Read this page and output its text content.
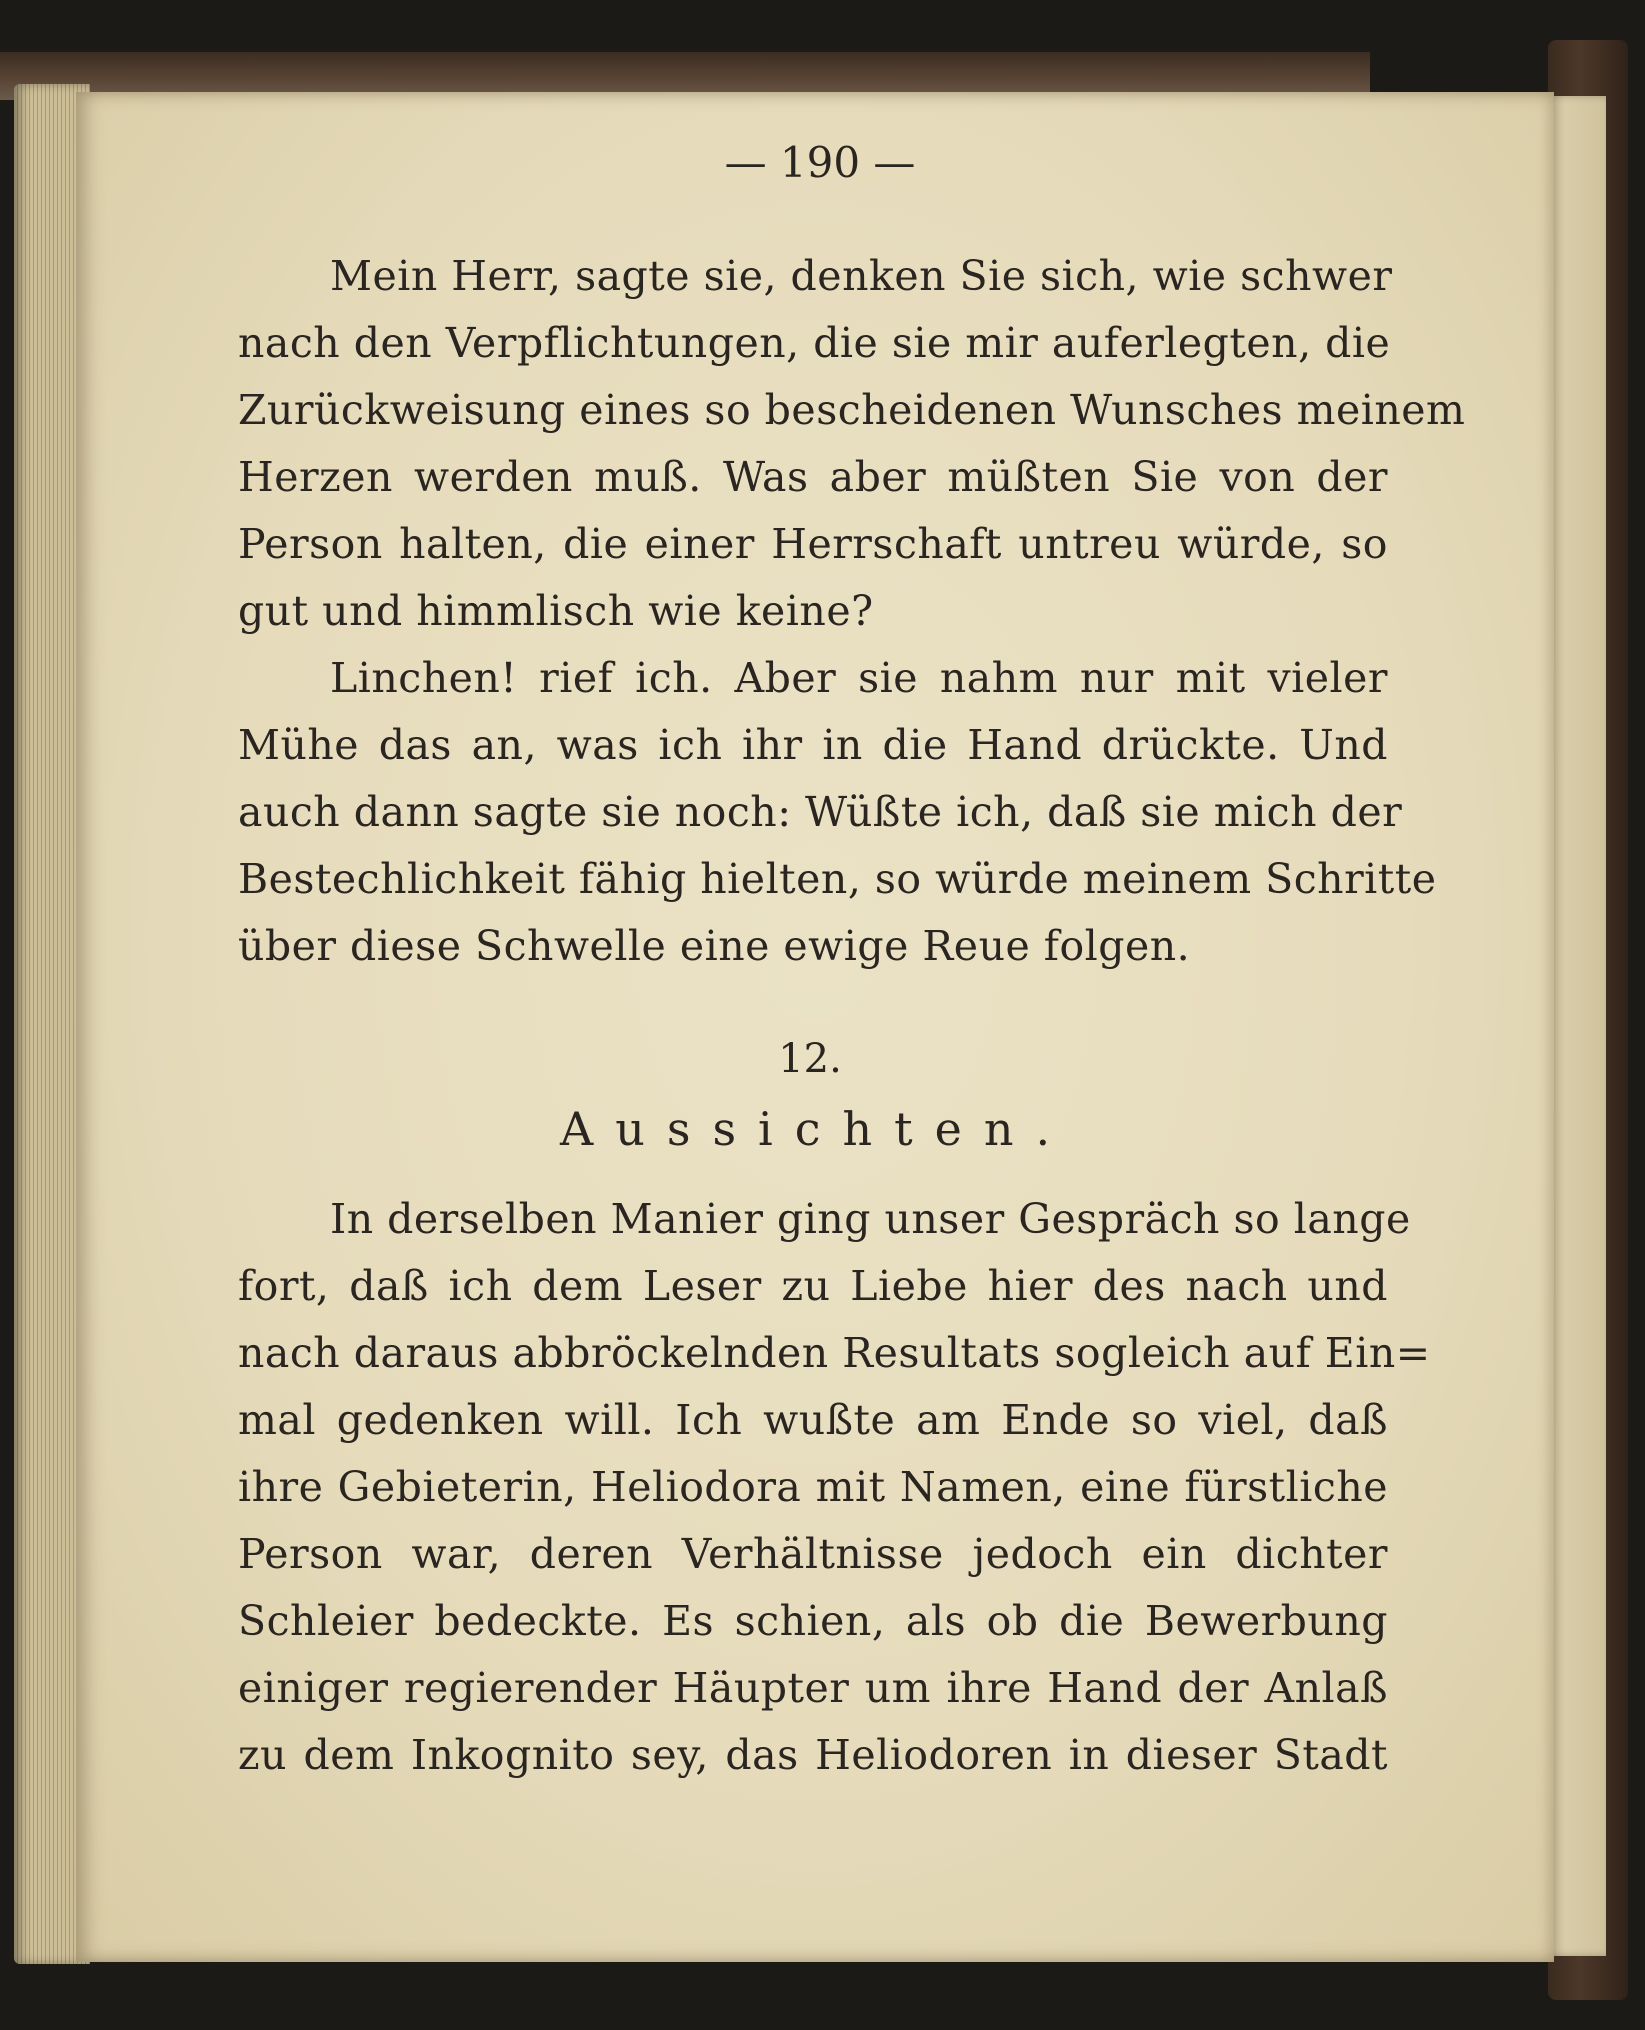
— 190 —
Mein Herr, sagte sie, denken Sie sich, wie schwer
nach den Verpflichtungen, die sie mir auferlegten, die
Zurückweisung eines so bescheidenen Wunsches meinem
Herzen werden muß. Was aber müßten Sie von der
Person halten, die einer Herrschaft untreu würde, so
gut und himmlisch wie keine?
Linchen! rief ich. Aber sie nahm nur mit vieler
Mühe das an, was ich ihr in die Hand drückte. Und
auch dann sagte sie noch: Wüßte ich, daß sie mich der
Bestechlichkeit fähig hielten, so würde meinem Schritte
über diese Schwelle eine ewige Reue folgen.
12.
Aussichten.
In derselben Manier ging unser Gespräch so lange
fort, daß ich dem Leser zu Liebe hier des nach und
nach daraus abbröckelnden Resultats sogleich auf Ein=
mal gedenken will. Ich wußte am Ende so viel, daß
ihre Gebieterin, Heliodora mit Namen, eine fürstliche
Person war, deren Verhältnisse jedoch ein dichter
Schleier bedeckte. Es schien, als ob die Bewerbung
einiger regierender Häupter um ihre Hand der Anlaß
zu dem Inkognito sey, das Heliodoren in dieser Stadt
